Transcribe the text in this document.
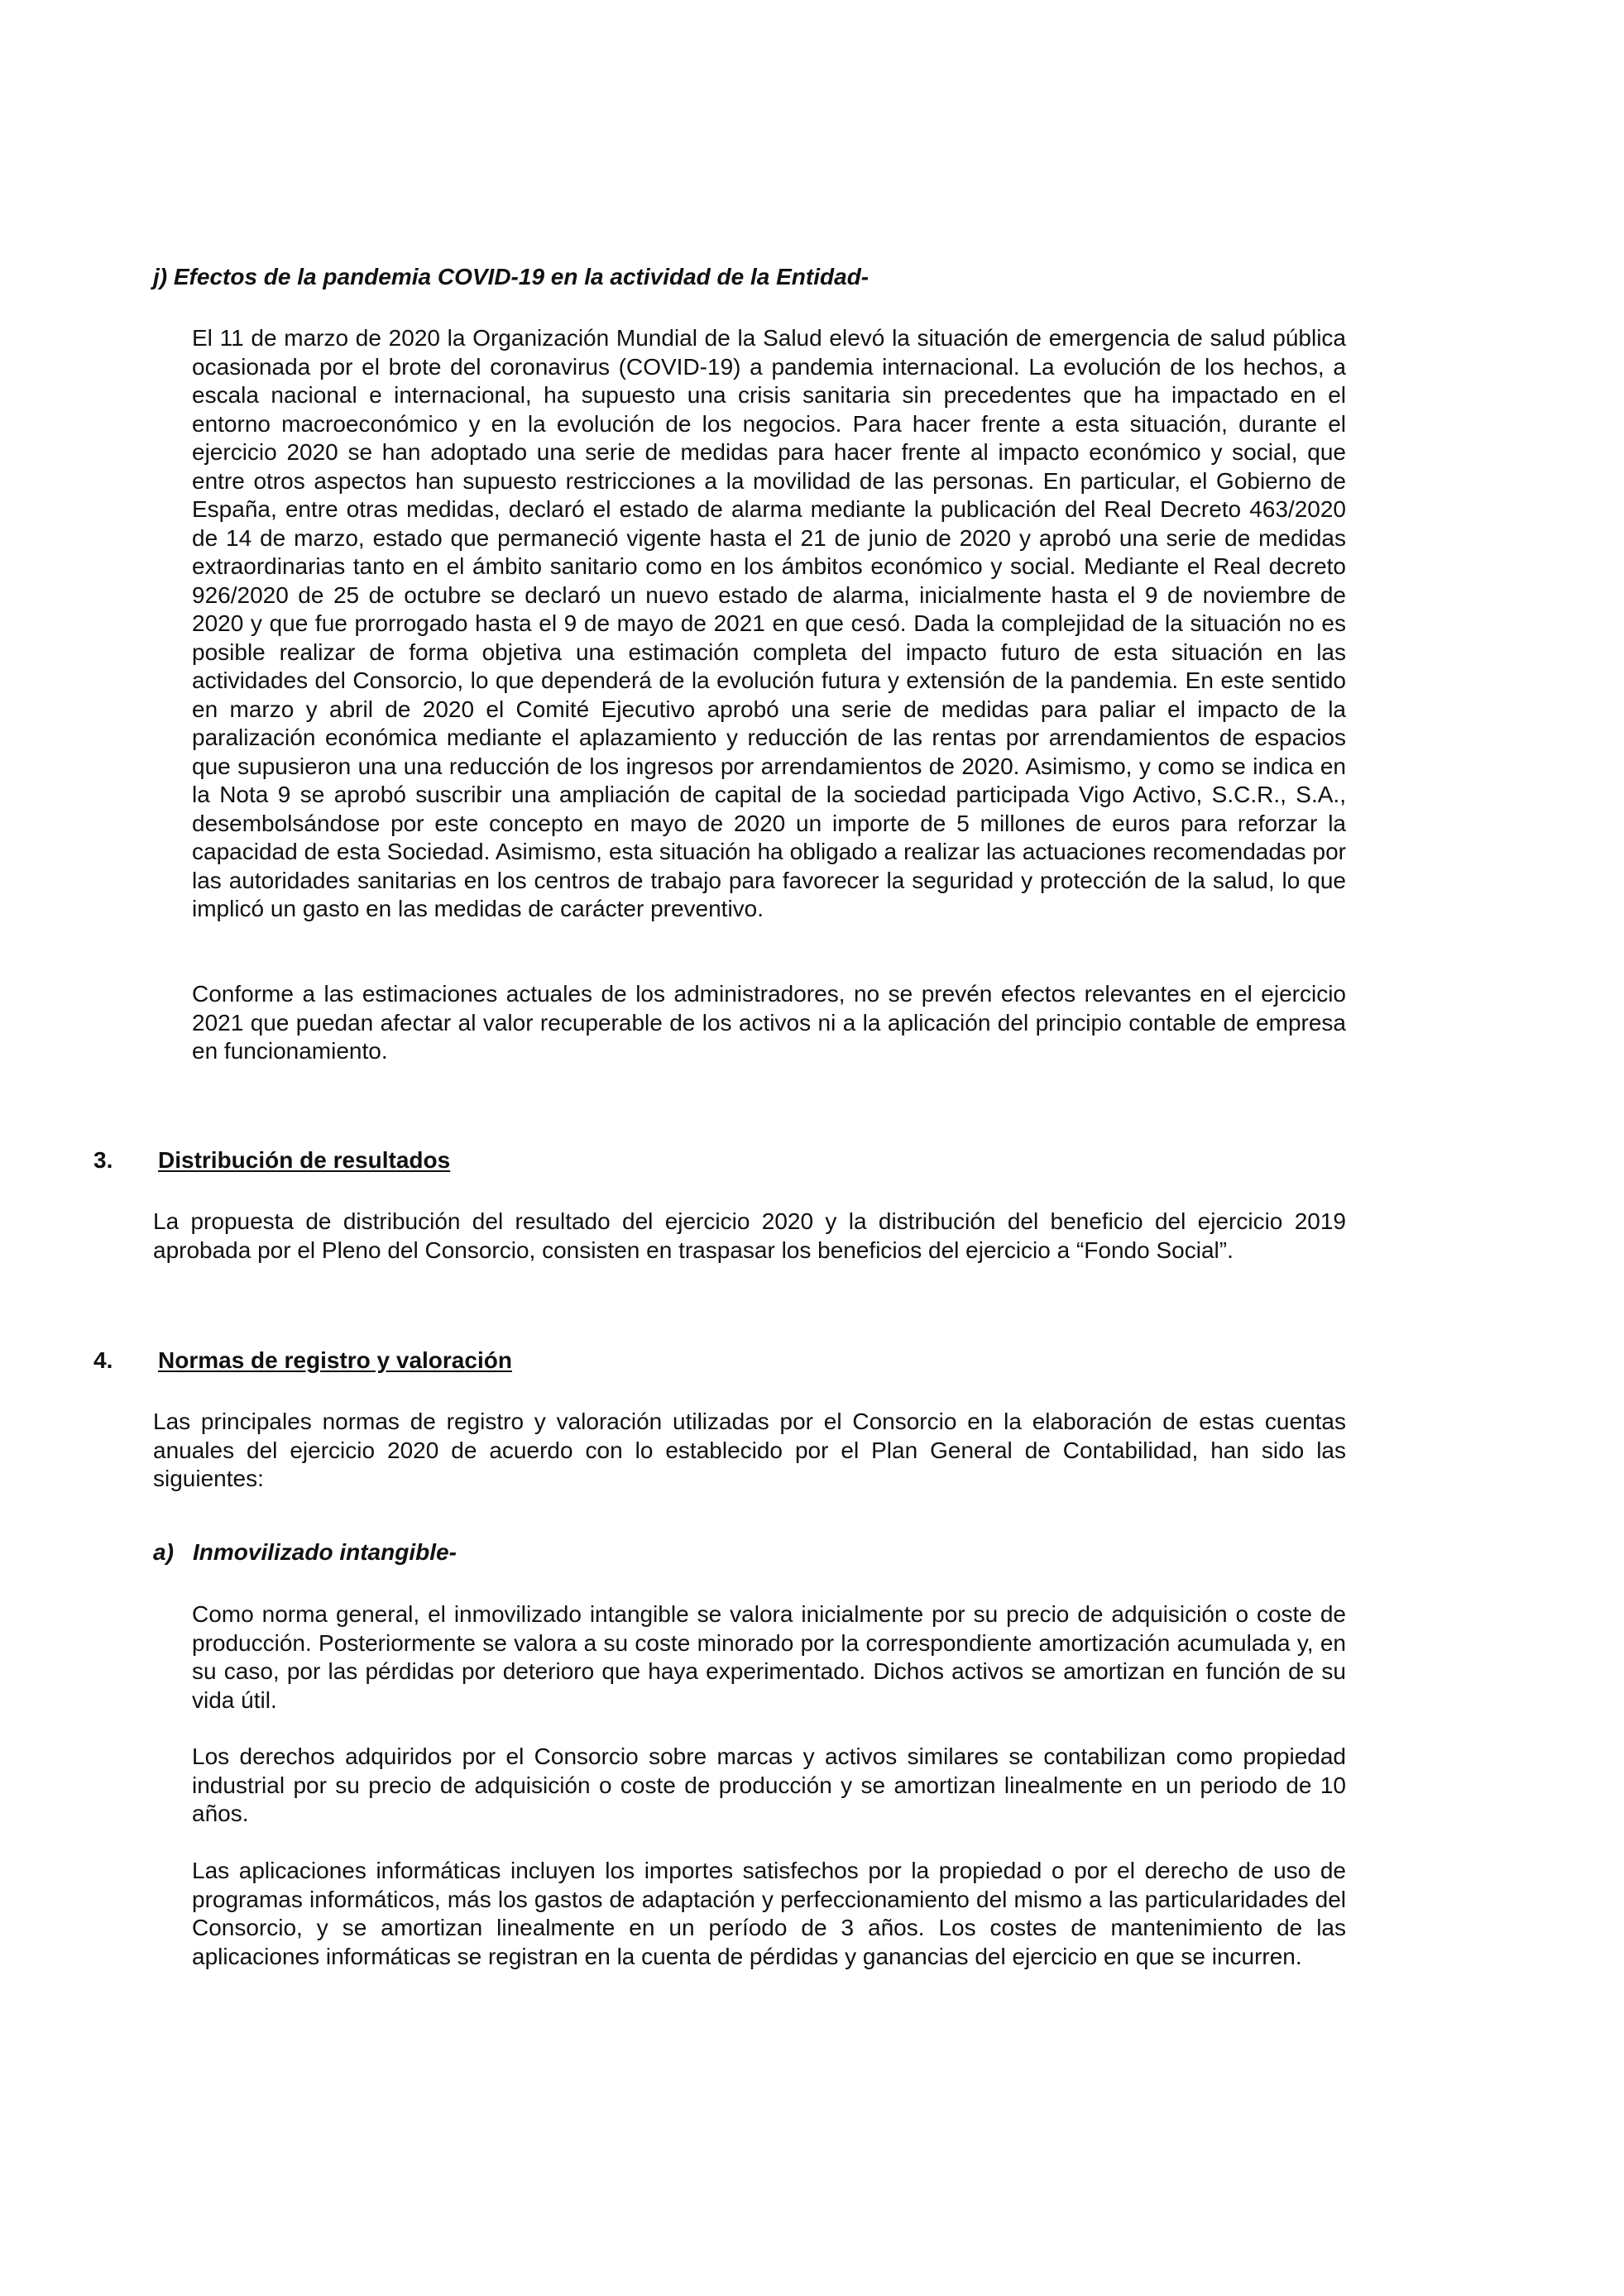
j) Efectos de la pandemia COVID-19 en la actividad de la Entidad-

El 11 de marzo de 2020 la Organización Mundial de la Salud elevó la situación de emergencia de salud pública ocasionada por el brote del coronavirus (COVID-19) a pandemia internacional. La evolución de los hechos, a escala nacional e internacional, ha supuesto una crisis sanitaria sin precedentes que ha impactado en el entorno macroeconómico y en la evolución de los negocios. Para hacer frente a esta situación, durante el ejercicio 2020 se han adoptado una serie de medidas para hacer frente al impacto económico y social, que entre otros aspectos han supuesto restricciones a la movilidad de las personas. En particular, el Gobierno de España, entre otras medidas, declaró el estado de alarma mediante la publicación del Real Decreto 463/2020 de 14 de marzo, estado que permaneció vigente hasta el 21 de junio de 2020 y aprobó una serie de medidas extraordinarias tanto en el ámbito sanitario como en los ámbitos económico y social. Mediante el Real decreto 926/2020 de 25 de octubre se declaró un nuevo estado de alarma, inicialmente hasta el 9 de noviembre de 2020 y que fue prorrogado hasta el 9 de mayo de 2021 en que cesó. Dada la complejidad de la situación no es posible realizar de forma objetiva una estimación completa del impacto futuro de esta situación en las actividades del Consorcio, lo que dependerá de la evolución futura y extensión de la pandemia. En este sentido en marzo y abril de 2020 el Comité Ejecutivo aprobó una serie de medidas para paliar el impacto de la paralización económica mediante el aplazamiento y reducción de las rentas por arrendamientos de espacios que supusieron una una reducción de los ingresos por arrendamientos de 2020. Asimismo, y como se indica en la Nota 9 se aprobó suscribir una ampliación de capital de la sociedad participada Vigo Activo, S.C.R., S.A., desembolsándose por este concepto en mayo de 2020 un importe de 5 millones de euros para reforzar la capacidad de esta Sociedad. Asimismo, esta situación ha obligado a realizar las actuaciones recomendadas por las autoridades sanitarias en los centros de trabajo para favorecer la seguridad y protección de la salud, lo que implicó un gasto en las medidas de carácter preventivo.

Conforme a las estimaciones actuales de los administradores, no se prevén efectos relevantes en el ejercicio 2021 que puedan afectar al valor recuperable de los activos ni a la aplicación del principio contable de empresa en funcionamiento.

3. Distribución de resultados

La propuesta de distribución del resultado del ejercicio 2020 y la distribución del beneficio del ejercicio 2019 aprobada por el Pleno del Consorcio, consisten en traspasar los beneficios del ejercicio a “Fondo Social”.

4. Normas de registro y valoración

Las principales normas de registro y valoración utilizadas por el Consorcio en la elaboración de estas cuentas anuales del ejercicio 2020 de acuerdo con lo establecido por el Plan General de Contabilidad, han sido las siguientes:

a) Inmovilizado intangible-

Como norma general, el inmovilizado intangible se valora inicialmente por su precio de adquisición o coste de producción. Posteriormente se valora a su coste minorado por la correspondiente amortización acumulada y, en su caso, por las pérdidas por deterioro que haya experimentado. Dichos activos se amortizan en función de su vida útil.

Los derechos adquiridos por el Consorcio sobre marcas y activos similares se contabilizan como propiedad industrial por su precio de adquisición o coste de producción y se amortizan linealmente en un periodo de 10 años.

Las aplicaciones informáticas incluyen los importes satisfechos por la propiedad o por el derecho de uso de programas informáticos, más los gastos de adaptación y perfeccionamiento del mismo a las particularidades del Consorcio, y se amortizan linealmente en un período de 3 años. Los costes de mantenimiento de las aplicaciones informáticas se registran en la cuenta de pérdidas y ganancias del ejercicio en que se incurren.
